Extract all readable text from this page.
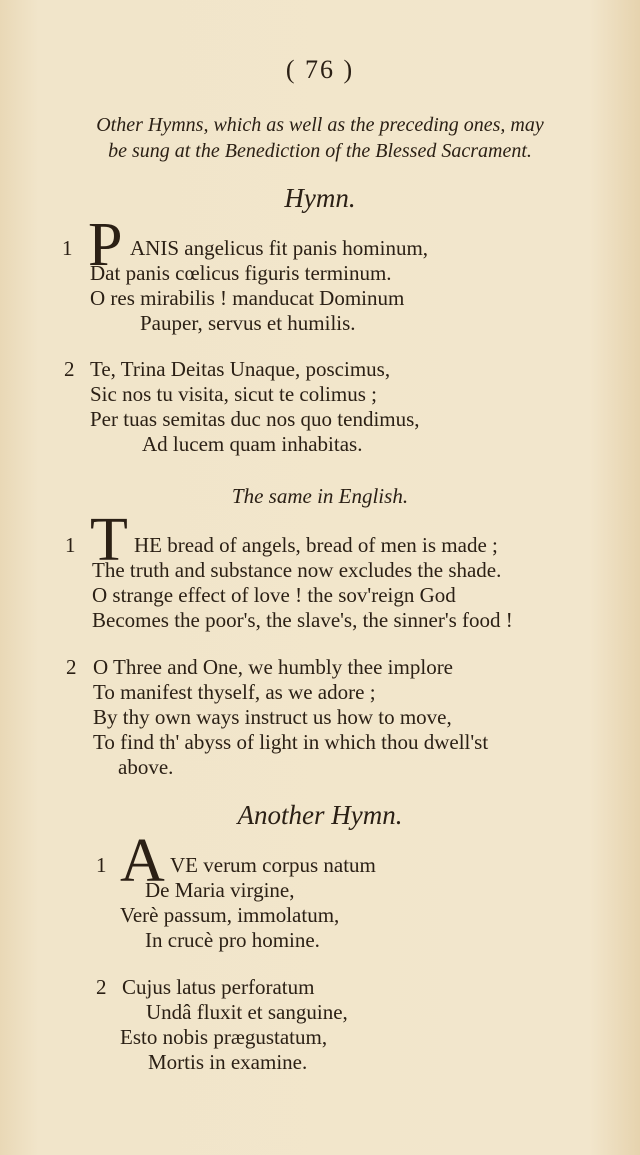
( 76 )
Other Hymns, which as well as the preceding ones, may
be sung at the Benediction of the Blessed Sacrament.
Hymn.
1 P ANIS angelicus fit panis hominum,
Dat panis cœlicus figuris terminum.
O res mirabilis ! manducat Dominum
Pauper, servus et humilis.
2 Te, Trina Deitas Unaque, poscimus,
Sic nos tu visita, sicut te colimus ;
Per tuas semitas duc nos quo tendimus,
Ad lucem quam inhabitas.
The same in English.
1 T HE bread of angels, bread of men is made ;
The truth and substance now excludes the shade.
O strange effect of love ! the sov'reign God
Becomes the poor's, the slave's, the sinner's food !
2 O Three and One, we humbly thee implore
To manifest thyself, as we adore ;
By thy own ways instruct us how to move,
To find th' abyss of light in which thou dwell'st
above.
Another Hymn.
1 A VE verum corpus natum
De Maria virgine,
Verè passum, immolatum,
In crucè pro homine.
2 Cujus latus perforatum
Undâ fluxit et sanguine,
Esto nobis prægustatum,
Mortis in examine.
